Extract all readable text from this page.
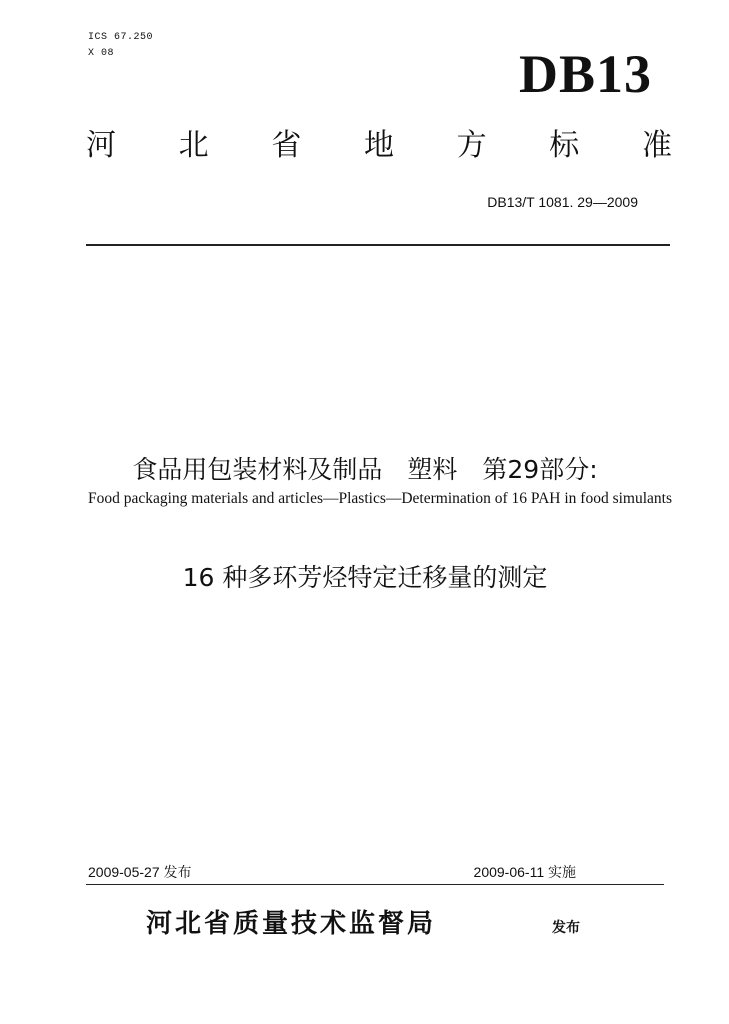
ICS 67.250
X 08	DB13
河 北 省 地 方 标 准
DB13/T 1081. 29—2009

食品用包装材料及制品　塑料　第29部分:

16 种多环芳烃特定迁移量的测定

Food packaging materials and articles—Plastics—Determination of 16 PAH in food simulants
2009-05-27 发布	2009-06-11 实施
河北省质量技术监督局	发布
